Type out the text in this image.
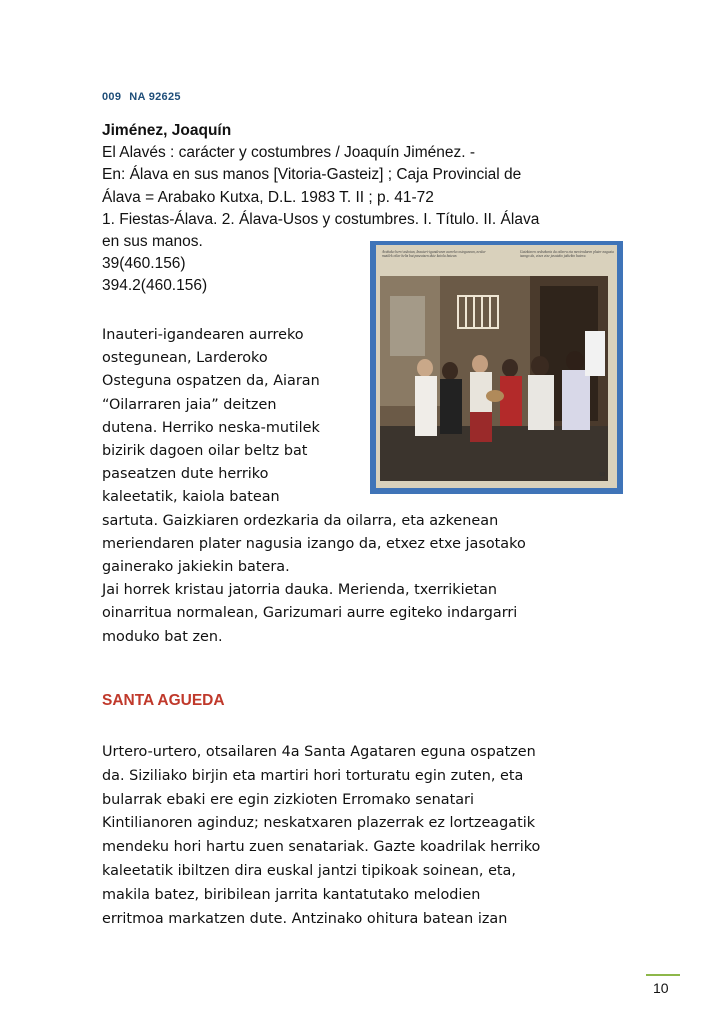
009 NA 92625
Jiménez, Joaquín
El Alavés : carácter y costumbres / Joaquín Jiménez. -
En: Álava en sus manos [Vitoria-Gasteiz] ; Caja Provincial de
Álava = Arabako Kutxa, D.L. 1983 T. II ; p. 41-72
1. Fiestas-Álava. 2. Álava-Usos y costumbres. I. Título. II. Álava
en sus manos.
39(460.156)
394.2(460.156)
Arabako herri askotan, Inauteri-igandearen aurreko ostegunean, neska-mutilek oilar beltz bat paseatzen dute kaiola batean.
Gaizkiaren ordezkaria da oilarra eta meriendaren plater nagusia izango da, etxez etxe jasotako jakiekin batera.
59
Inauteri-igandearen aurreko
ostegunean, Larderoko
Osteguna ospatzen da, Aiaran
“Oilarraren jaia” deitzen
dutena. Herriko neska-mutilek
bizirik dagoen oilar beltz bat
paseatzen dute herriko
kaleetatik, kaiola batean
sartuta. Gaizkiaren ordezkaria da oilarra, eta azkenean
meriendaren plater nagusia izango da, etxez etxe jasotako
gainerako jakiekin batera.
Jai horrek kristau jatorria dauka. Merienda, txerrikietan
oinarritua normalean, Garizumari aurre egiteko indargarri
moduko bat zen.
SANTA AGUEDA
Urtero-urtero, otsailaren 4a Santa Agataren eguna ospatzen
da. Siziliako birjin eta martiri hori torturatu egin zuten, eta
bularrak ebaki ere egin zizkioten Erromako senatari
Kintilianoren aginduz; neskatxaren plazerrak ez lortzeagatik
mendeku hori hartu zuen senatariak. Gazte koadrilak herriko
kaleetatik ibiltzen dira euskal jantzi tipikoak soinean, eta,
makila batez, biribilean jarrita kantatutako melodien
erritmoa markatzen dute. Antzinako ohitura batean izan
10
